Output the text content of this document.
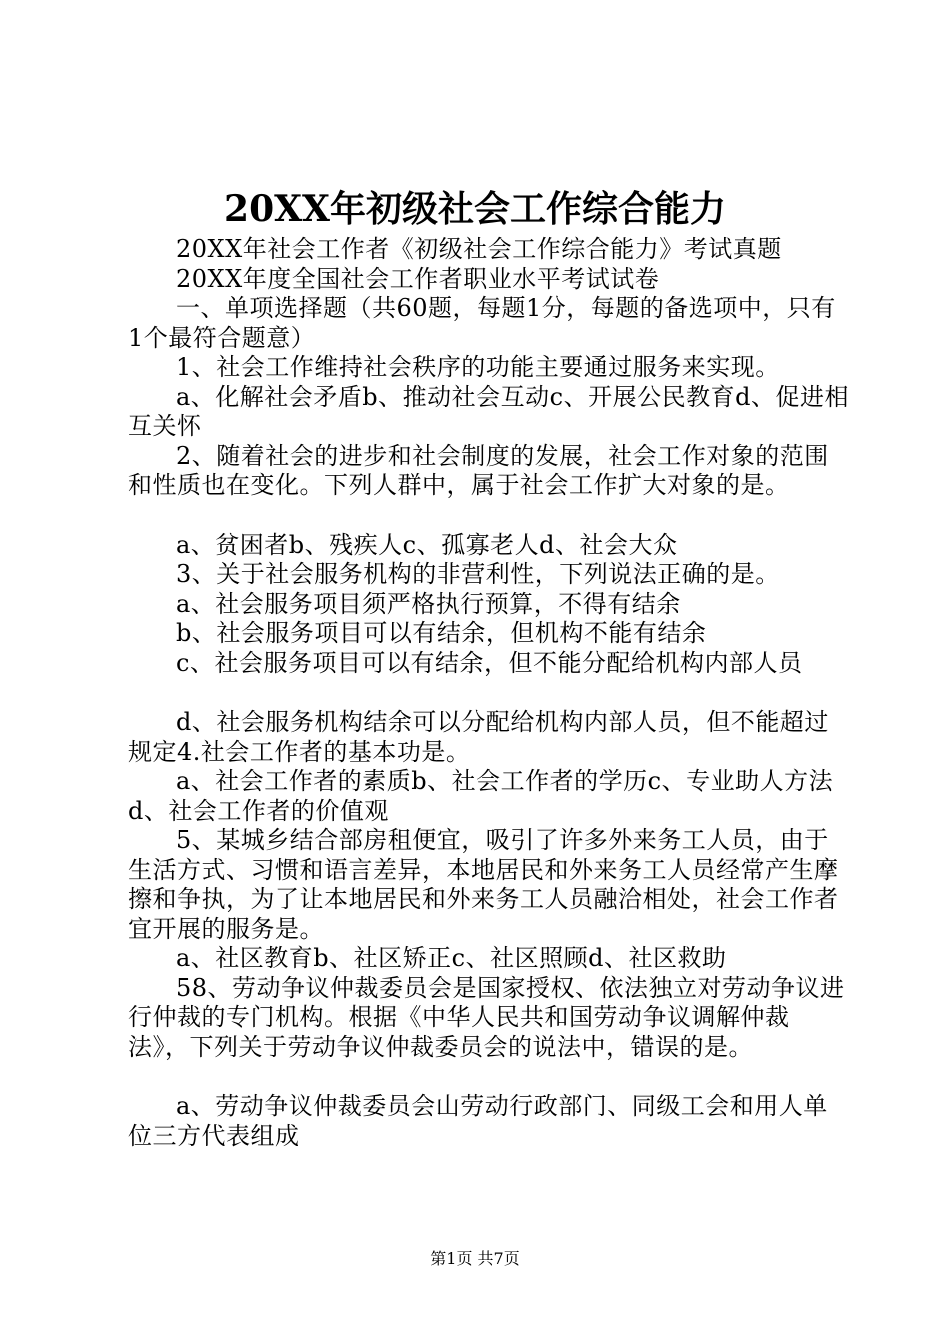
20XX年初级社会工作综合能力

20XX年社会工作者《初级社会工作综合能力》考试真题

20XX年度全国社会工作者职业水平考试试卷

一、单项选择题（共60题，每题1分，每题的备选项中，只有1个最符合题意）

1、社会工作维持社会秩序的功能主要通过服务来实现。

a、化解社会矛盾b、推动社会互动c、开展公民教育d、促进相互关怀

2、随着社会的进步和社会制度的发展，社会工作对象的范围和性质也在变化。下列人群中，属于社会工作扩大对象的是。

a、贫困者b、残疾人c、孤寡老人d、社会大众

3、关于社会服务机构的非营利性，下列说法正确的是。

a、社会服务项目须严格执行预算，不得有结余

b、社会服务项目可以有结余，但机构不能有结余

c、社会服务项目可以有结余，但不能分配给机构内部人员

d、社会服务机构结余可以分配给机构内部人员，但不能超过规定4.社会工作者的基本功是。

a、社会工作者的素质b、社会工作者的学历c、专业助人方法d、社会工作者的价值观

5、某城乡结合部房租便宜，吸引了许多外来务工人员，由于生活方式、习惯和语言差异，本地居民和外来务工人员经常产生摩擦和争执，为了让本地居民和外来务工人员融洽相处，社会工作者宜开展的服务是。

a、社区教育b、社区矫正c、社区照顾d、社区救助

58、劳动争议仲裁委员会是国家授权、依法独立对劳动争议进行仲裁的专门机构。根据《中华人民共和国劳动争议调解仲裁法》，下列关于劳动争议仲裁委员会的说法中，错误的是。

a、劳动争议仲裁委员会山劳动行政部门、同级工会和用人单位三方代表组成

第1页 共7页
